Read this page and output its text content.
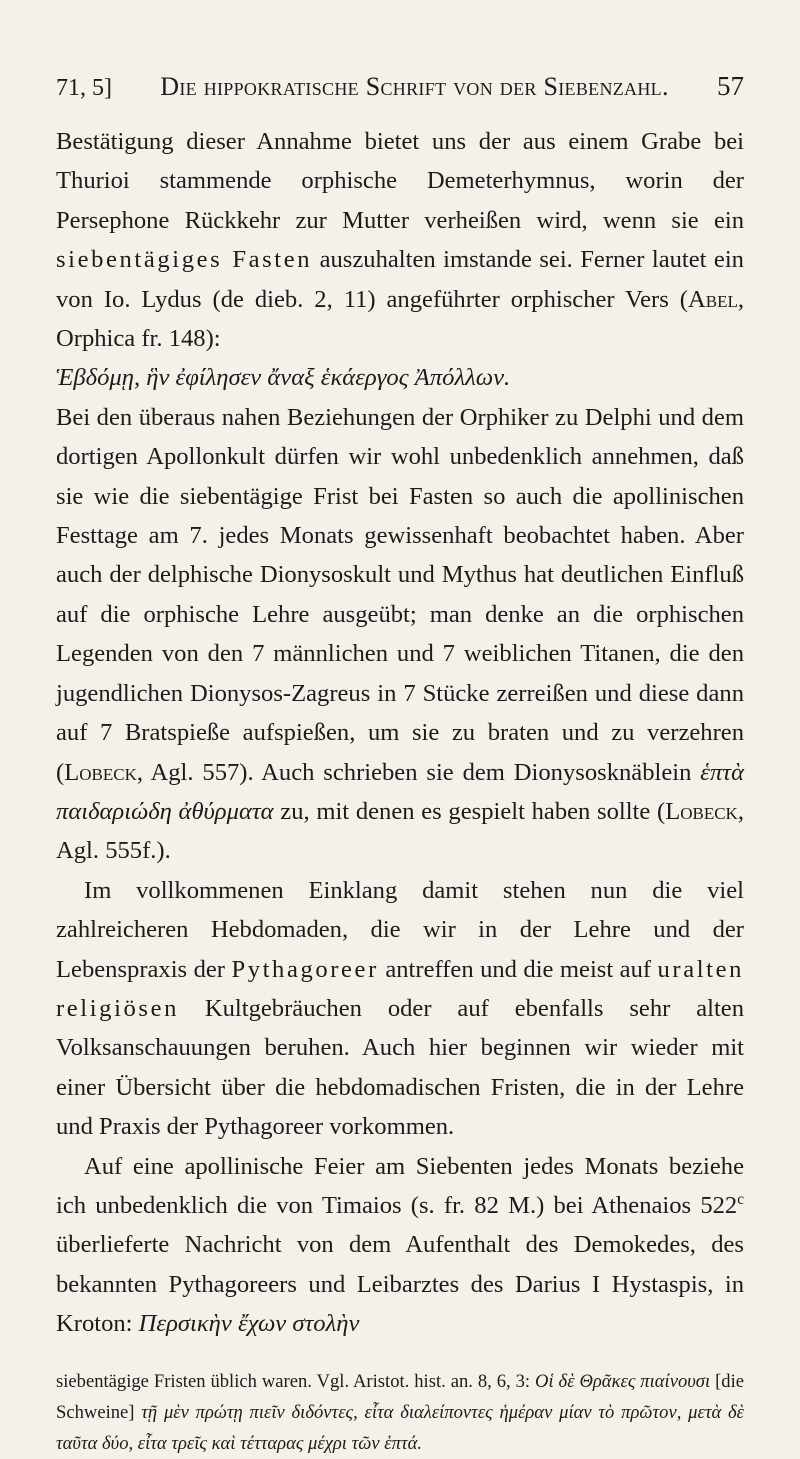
71, 5] Die hippokratische Schrift von der Siebenzahl. 57

Bestätigung dieser Annahme bietet uns der aus einem Grabe bei Thurioi stammende orphische Demeterhymnus, worin der Persephone Rückkehr zur Mutter verheißen wird, wenn sie ein siebentägiges Fasten auszuhalten imstande sei. Ferner lautet ein von Io. Lydus (de dieb. 2, 11) angeführter orphischer Vers (Abel, Orphica fr. 148):
Ἑβδόμῃ, ἣν ἐφίλησεν ἄναξ ἑκάεργος Ἀπόλλων.
Bei den überaus nahen Beziehungen der Orphiker zu Delphi und dem dortigen Apollonkult dürfen wir wohl unbedenklich annehmen, daß sie wie die siebentägige Frist bei Fasten so auch die apollinischen Festtage am 7. jedes Monats gewissenhaft beobachtet haben. Aber auch der delphische Dionysoskult und Mythus hat deutlichen Einfluß auf die orphische Lehre ausgeübt; man denke an die orphischen Legenden von den 7 männlichen und 7 weiblichen Titanen, die den jugendlichen Dionysos-Zagreus in 7 Stücke zerreißen und diese dann auf 7 Bratspieße aufspießen, um sie zu braten und zu verzehren (Lobeck, Agl. 557). Auch schrieben sie dem Dionysosknäblein ἑπτὰ παιδαριώδη ἀθύρματα zu, mit denen es gespielt haben sollte (Lobeck, Agl. 555f.).

Im vollkommenen Einklang damit stehen nun die viel zahlreicheren Hebdomaden, die wir in der Lehre und der Lebenspraxis der Pythagoreer antreffen und die meist auf uralten religiösen Kultgebräuchen oder auf ebenfalls sehr alten Volksanschauungen beruhen. Auch hier beginnen wir wieder mit einer Übersicht über die hebdomadischen Fristen, die in der Lehre und Praxis der Pythagoreer vorkommen.

Auf eine apollinische Feier am Siebenten jedes Monats beziehe ich unbedenklich die von Timaios (s. fr. 82 M.) bei Athenaios 522$^c$ überlieferte Nachricht von dem Aufenthalt des Demokedes, des bekannten Pythagoreers und Leibarztes des Darius I Hystaspis, in Kroton: Περσικὴν ἔχων στολὴν

siebentägige Fristen üblich waren. Vgl. Aristot. hist. an. 8, 6, 3: Οἱ δὲ Θρᾶκες πιαίνουσι [die Schweine] τῇ μὲν πρώτῃ πιεῖν διδόντες, εἶτα διαλείποντες ἡμέραν μίαν τὸ πρῶτον, μετὰ δὲ ταῦτα δύο, εἶτα τρεῖς καὶ τέτταρας μέχρι τῶν ἑπτά.
